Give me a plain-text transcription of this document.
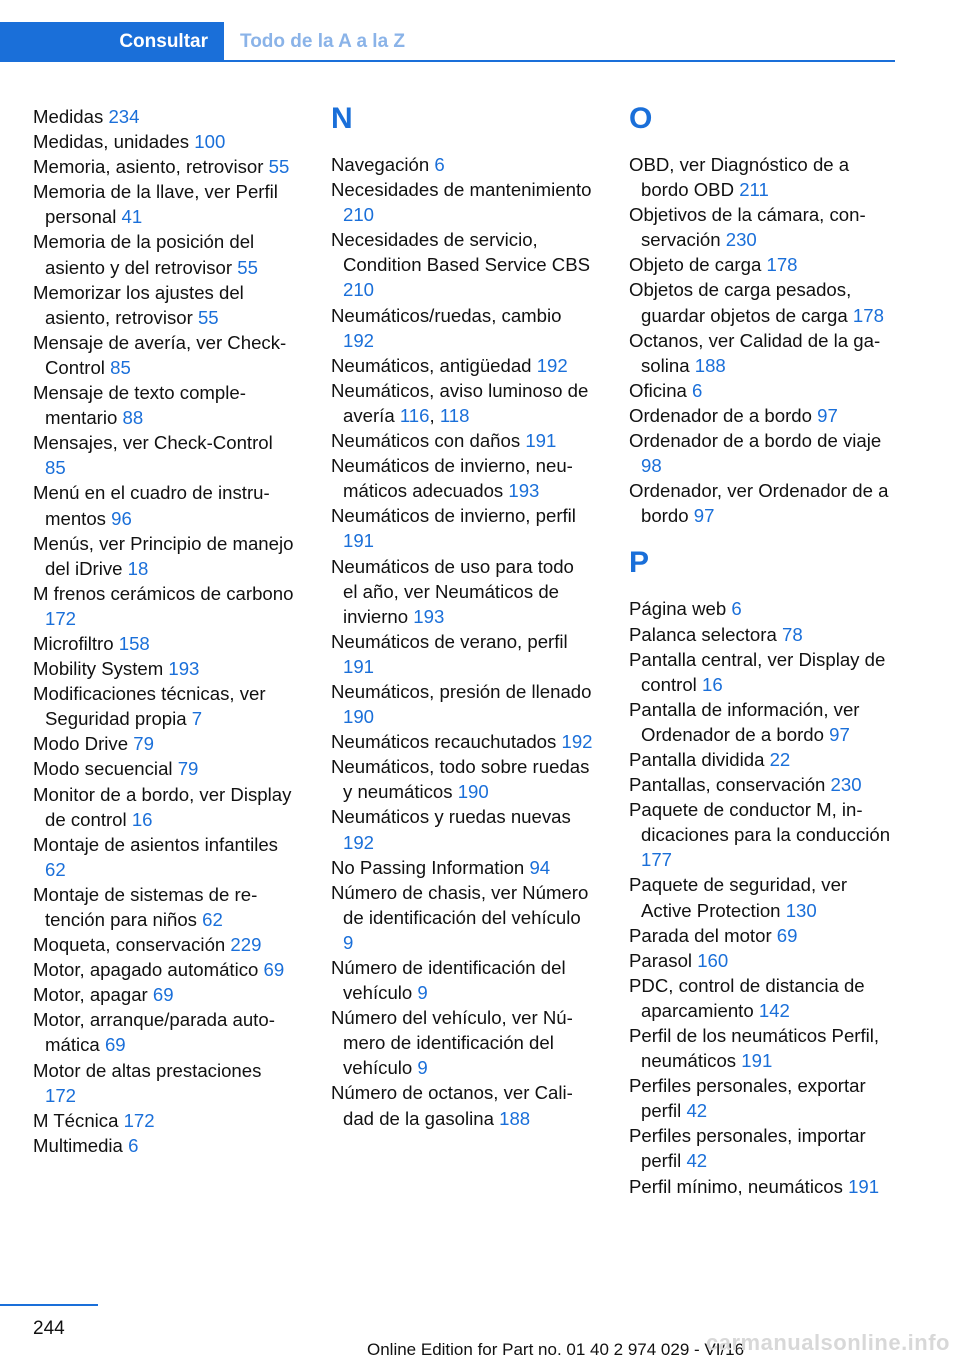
Consultar	Todo de la A a la Z

Medidas 234

Medidas, unidades 100

Memoria, asiento, retrovisor 55

Memoria de la llave, ver Perfil personal 41

Memoria de la posición del asiento y del retrovisor 55

Memorizar los ajustes del asiento, retrovisor 55

Mensaje de avería, ver Check-Control 85

Mensaje de texto complementario 88

Mensajes, ver Check-Control 85

Menú en el cuadro de instrumentos 96

Menús, ver Principio de manejo del iDrive 18

M frenos cerámicos de carbono 172

Microfiltro 158

Mobility System 193

Modificaciones técnicas, ver Seguridad propia 7

Modo Drive 79

Modo secuencial 79

Monitor de a bordo, ver Display de control 16

Montaje de asientos infantiles 62

Montaje de sistemas de retención para niños 62

Moqueta, conservación 229

Motor, apagado automático 69

Motor, apagar 69

Motor, arranque/parada automática 69

Motor de altas prestaciones 172

M Técnica 172

Multimedia 6

N

Navegación 6

Necesidades de mantenimiento 210

Necesidades de servicio, Condition Based Service CBS 210

Neumáticos/ruedas, cambio 192

Neumáticos, antigüedad 192

Neumáticos, aviso luminoso de avería 116, 118

Neumáticos con daños 191

Neumáticos de invierno, neumáticos adecuados 193

Neumáticos de invierno, perfil 191

Neumáticos de uso para todo el año, ver Neumáticos de invierno 193

Neumáticos de verano, perfil 191

Neumáticos, presión de llenado 190

Neumáticos recauchutados 192

Neumáticos, todo sobre ruedas y neumáticos 190

Neumáticos y ruedas nuevas 192

No Passing Information 94

Número de chasis, ver Número de identificación del vehículo 9

Número de identificación del vehículo 9

Número del vehículo, ver Número de identificación del vehículo 9

Número de octanos, ver Calidad de la gasolina 188

O

OBD, ver Diagnóstico de a bordo OBD 211

Objetivos de la cámara, conservación 230

Objeto de carga 178

Objetos de carga pesados, guardar objetos de carga 178

Octanos, ver Calidad de la gasolina 188

Oficina 6

Ordenador de a bordo 97

Ordenador de a bordo de viaje 98

Ordenador, ver Ordenador de a bordo 97

P

Página web 6

Palanca selectora 78

Pantalla central, ver Display de control 16

Pantalla de información, ver Ordenador de a bordo 97

Pantalla dividida 22

Pantallas, conservación 230

Paquete de conductor M, indicaciones para la conducción 177

Paquete de seguridad, ver Active Protection 130

Parada del motor 69

Parasol 160

PDC, control de distancia de aparcamiento 142

Perfil de los neumáticos Perfil, neumáticos 191

Perfiles personales, exportar perfil 42

Perfiles personales, importar perfil 42

Perfil mínimo, neumáticos 191

244
Online Edition for Part no. 01 40 2 974 029 - VI/16
carmanualsonline.info
